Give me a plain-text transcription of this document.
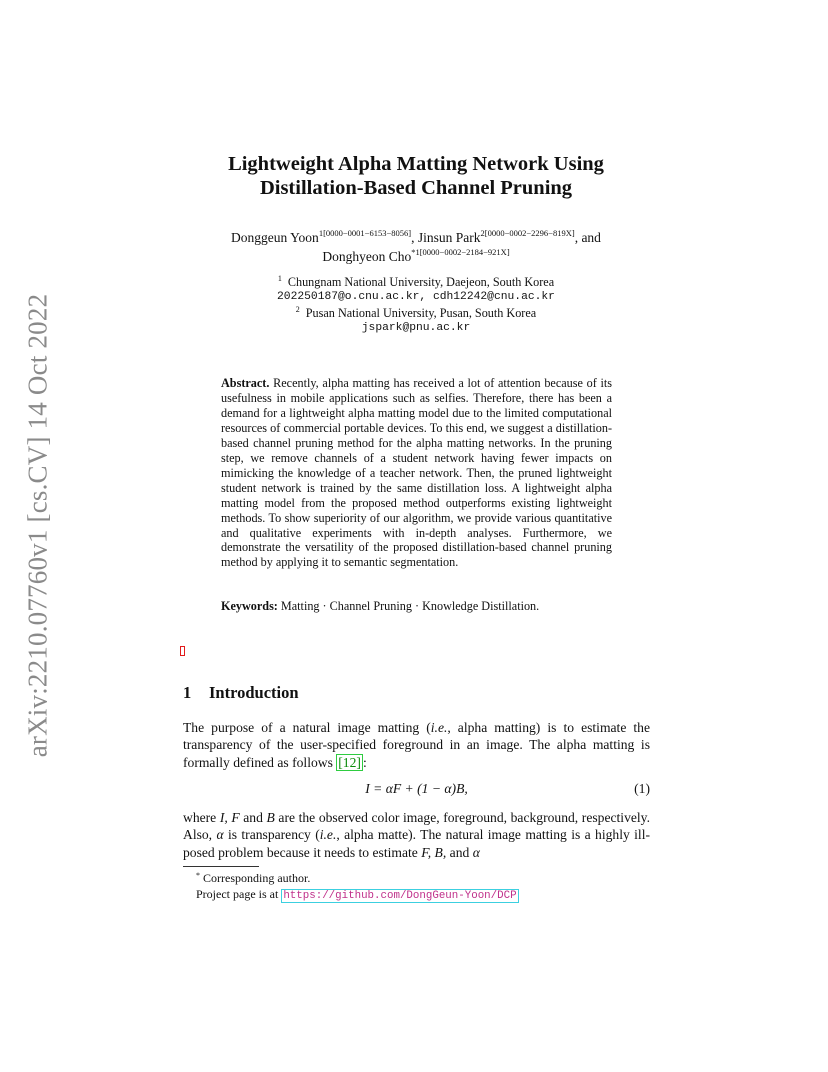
arXiv:2210.07760v1 [cs.CV] 14 Oct 2022
Lightweight Alpha Matting Network Using
Distillation-Based Channel Pruning
Donggeun Yoon$^{1[0000-0001-6153-8056]}$, Jinsun Park$^{2[0000-0002-2296-819X]}$, and
Donghyeon Cho$^{*1[0000-0002-2184-921X]}$
$^1$ Chungnam National University, Daejeon, South Korea
202250187@o.cnu.ac.kr, cdh12242@cnu.ac.kr
$^2$ Pusan National University, Pusan, South Korea
jspark@pnu.ac.kr
Abstract. Recently, alpha matting has received a lot of attention because of its usefulness in mobile applications such as selfies. Therefore, there has been a demand for a lightweight alpha matting model due to the limited computational resources of commercial portable devices. To this end, we suggest a distillation-based channel pruning method for the alpha matting networks. In the pruning step, we remove channels of a student network having fewer impacts on mimicking the knowledge of a teacher network. Then, the pruned lightweight student network is trained by the same distillation loss. A lightweight alpha matting model from the proposed method outperforms existing lightweight methods. To show superiority of our algorithm, we provide various quantitative and qualitative experiments with in-depth analyses. Furthermore, we demonstrate the versatility of the proposed distillation-based channel pruning method by applying it to semantic segmentation.
Keywords: Matting · Channel Pruning · Knowledge Distillation.
1 Introduction
The purpose of a natural image matting (i.e., alpha matting) is to estimate the transparency of the user-specified foreground in an image. The alpha matting is formally defined as follows [12] :
I = αF + (1 − α)B,	(1)
where I, F and B are the observed color image, foreground, background, respectively. Also, α is transparency (i.e., alpha matte). The natural image matting is a highly ill-posed problem because it needs to estimate F, B, and α
* Corresponding author.
Project page is at https://github.com/DongGeun-Yoon/DCP
